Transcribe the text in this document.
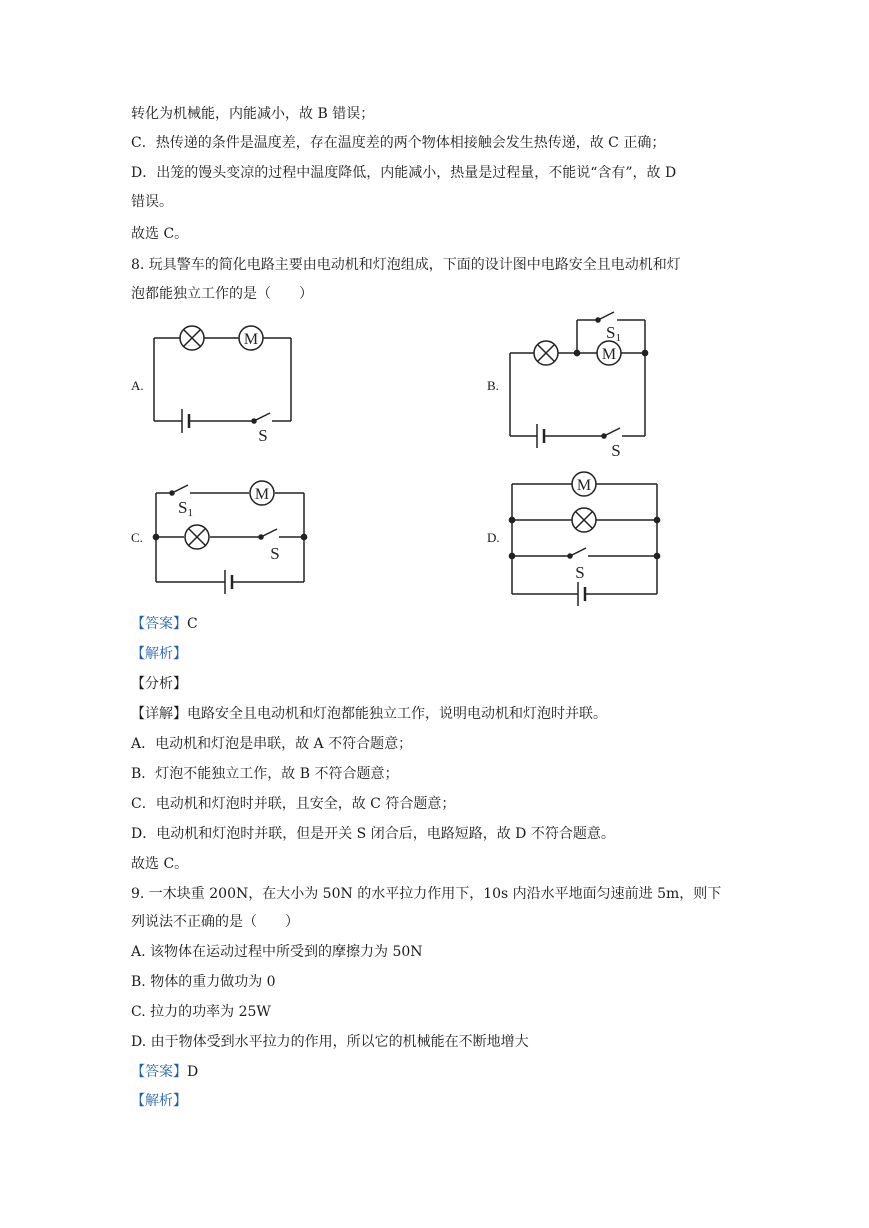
转化为机械能，内能减小，故 B 错误；
C．热传递的条件是温度差，存在温度差的两个物体相接触会发生热传递，故 C 正确；
D．出笼的馒头变凉的过程中温度降低，内能减小，热量是过程量，不能说“含有”，故 D
错误。
故选 C。
8. 玩具警车的简化电路主要由电动机和灯泡组成，下面的设计图中电路安全且电动机和灯
泡都能独立工作的是（　　）
A.	B.
C.	D.
M
S
M
S1
S
M
S1
S
M
S
【答案】C
【解析】
【分析】
【详解】电路安全且电动机和灯泡都能独立工作，说明电动机和灯泡时并联。
A．电动机和灯泡是串联，故 A 不符合题意；
B．灯泡不能独立工作，故 B 不符合题意；
C．电动机和灯泡时并联，且安全，故 C 符合题意；
D．电动机和灯泡时并联，但是开关 S 闭合后，电路短路，故 D 不符合题意。
故选 C。
9. 一木块重 200N，在大小为 50N 的水平拉力作用下，10s 内沿水平地面匀速前进 5m，则下
列说法不正确的是（　　）
A. 该物体在运动过程中所受到的摩擦力为 50N
B. 物体的重力做功为 0
C. 拉力的功率为 25W
D. 由于物体受到水平拉力的作用，所以它的机械能在不断地增大
【答案】D
【解析】
